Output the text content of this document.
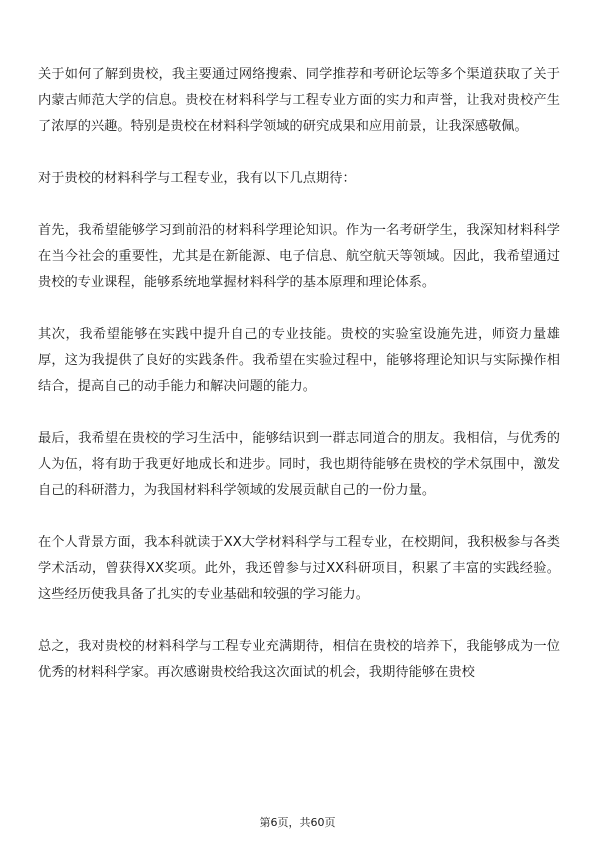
关于如何了解到贵校，我主要通过网络搜索、同学推荐和考研论坛等多个渠道获取了关于内蒙古师范大学的信息。贵校在材料科学与工程专业方面的实力和声誉，让我对贵校产生了浓厚的兴趣。特别是贵校在材料科学领域的研究成果和应用前景，让我深感敬佩。

对于贵校的材料科学与工程专业，我有以下几点期待：

首先，我希望能够学习到前沿的材料科学理论知识。作为一名考研学生，我深知材料科学在当今社会的重要性，尤其是在新能源、电子信息、航空航天等领域。因此，我希望通过贵校的专业课程，能够系统地掌握材料科学的基本原理和理论体系。

其次，我希望能够在实践中提升自己的专业技能。贵校的实验室设施先进，师资力量雄厚，这为我提供了良好的实践条件。我希望在实验过程中，能够将理论知识与实际操作相结合，提高自己的动手能力和解决问题的能力。

最后，我希望在贵校的学习生活中，能够结识到一群志同道合的朋友。我相信，与优秀的人为伍，将有助于我更好地成长和进步。同时，我也期待能够在贵校的学术氛围中，激发自己的科研潜力，为我国材料科学领域的发展贡献自己的一份力量。

在个人背景方面，我本科就读于XX大学材料科学与工程专业，在校期间，我积极参与各类学术活动，曾获得XX奖项。此外，我还曾参与过XX科研项目，积累了丰富的实践经验。这些经历使我具备了扎实的专业基础和较强的学习能力。

总之，我对贵校的材料科学与工程专业充满期待，相信在贵校的培养下，我能够成为一位优秀的材料科学家。再次感谢贵校给我这次面试的机会，我期待能够在贵校

第6页，共60页
